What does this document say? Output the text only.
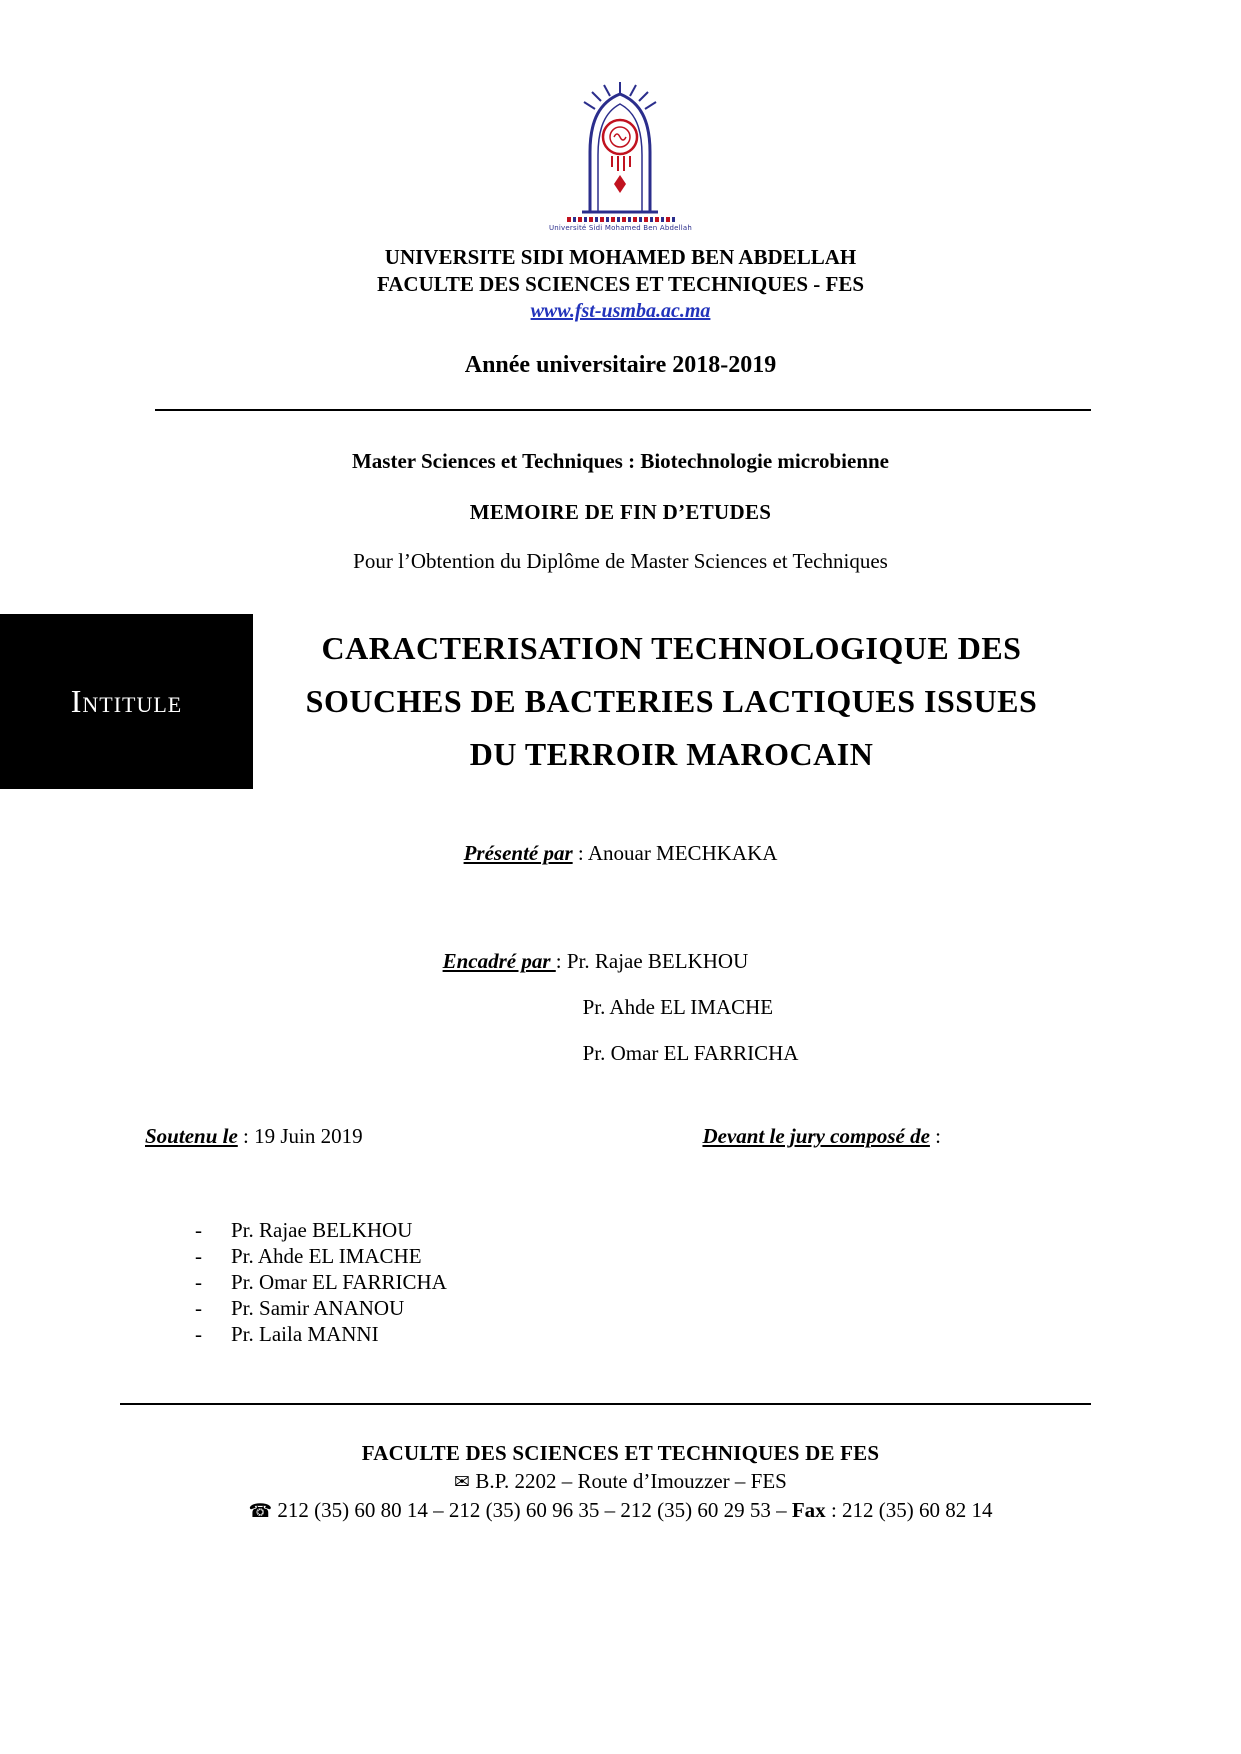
Université Sidi Mohamed Ben Abdellah
UNIVERSITE SIDI MOHAMED BEN ABDELLAH
FACULTE DES SCIENCES ET TECHNIQUES - FES
www.fst-usmba.ac.ma
Année universitaire 2018-2019
Master Sciences et Techniques : Biotechnologie microbienne
MEMOIRE DE FIN D’ETUDES
Pour l’Obtention du Diplôme de Master Sciences et Techniques
Intitule
CARACTERISATION TECHNOLOGIQUE DES
SOUCHES DE BACTERIES LACTIQUES ISSUES
DU TERROIR MAROCAIN
Présenté par : Anouar MECHKAKA
Encadré par : Pr. Rajae BELKHOU
Pr. Ahde EL IMACHE
Pr. Omar EL FARRICHA
Soutenu le : 19 Juin 2019	Devant le jury composé de :
-	Pr. Rajae BELKHOU
-	Pr. Ahde EL IMACHE
-	Pr. Omar EL FARRICHA
-	Pr. Samir ANANOU
-	Pr. Laila MANNI
FACULTE DES SCIENCES ET TECHNIQUES DE FES
✉ B.P. 2202 – Route d’Imouzzer – FES
☎ 212 (35) 60 80 14 – 212 (35) 60 96 35 – 212 (35) 60 29 53 – Fax : 212 (35) 60 82 14
